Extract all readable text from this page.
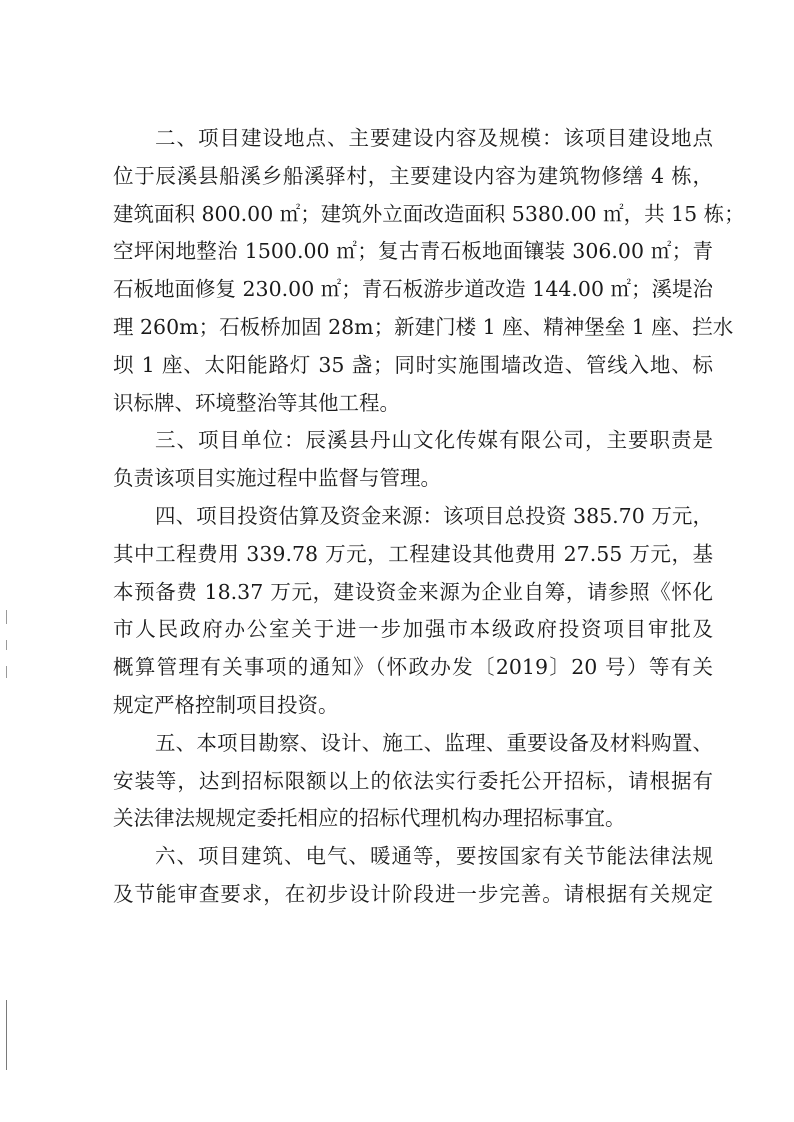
二、项目建设地点、主要建设内容及规模：该项目建设地点
位于辰溪县船溪乡船溪驿村，主要建设内容为建筑物修缮 4 栋，
建筑面积 800.00 ㎡；建筑外立面改造面积 5380.00 ㎡，共 15 栋；
空坪闲地整治 1500.00 ㎡；复古青石板地面镶装 306.00 ㎡；青
石板地面修复 230.00 ㎡；青石板游步道改造 144.00 ㎡；溪堤治
理 260m；石板桥加固 28m；新建门楼 1 座、精神堡垒 1 座、拦水
坝 1 座、太阳能路灯 35 盏；同时实施围墙改造、管线入地、标
识标牌、环境整治等其他工程。
三、项目单位：辰溪县丹山文化传媒有限公司，主要职责是
负责该项目实施过程中监督与管理。
四、项目投资估算及资金来源：该项目总投资 385.70 万元，
其中工程费用 339.78 万元，工程建设其他费用 27.55 万元，基
本预备费 18.37 万元，建设资金来源为企业自筹，请参照《怀化
市人民政府办公室关于进一步加强市本级政府投资项目审批及
概算管理有关事项的通知》（怀政办发〔2019〕20 号）等有关
规定严格控制项目投资。
五、本项目勘察、设计、施工、监理、重要设备及材料购置、
安装等，达到招标限额以上的依法实行委托公开招标，请根据有
关法律法规规定委托相应的招标代理机构办理招标事宜。
六、项目建筑、电气、暖通等，要按国家有关节能法律法规
及节能审查要求，在初步设计阶段进一步完善。请根据有关规定
